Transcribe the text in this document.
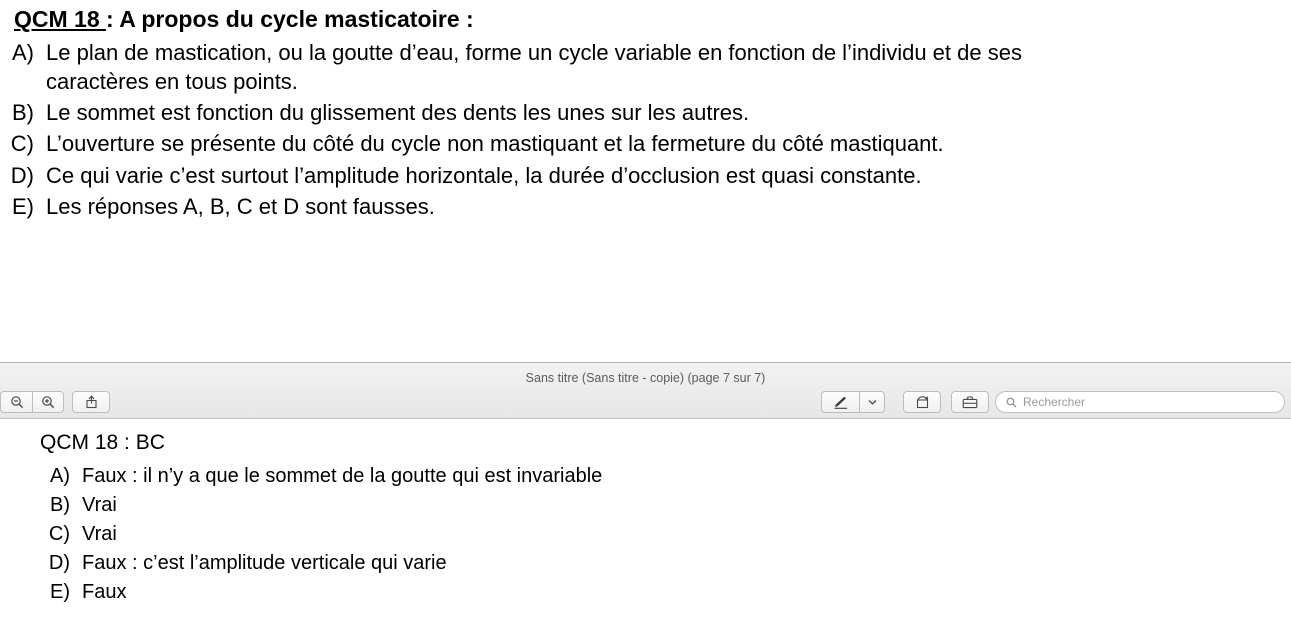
QCM 18 : A propos du cycle masticatoire :
A) Le plan de mastication, ou la goutte d’eau, forme un cycle variable en fonction de l’individu et de ses caractères en tous points.
B) Le sommet est fonction du glissement des dents les unes sur les autres.
C) L’ouverture se présente du côté du cycle non mastiquant et la fermeture du côté mastiquant.
D) Ce qui varie c’est surtout l’amplitude horizontale, la durée d’occlusion est quasi constante.
E) Les réponses A, B, C et D sont fausses.
Sans titre (Sans titre - copie) (page 7 sur 7)
Rechercher
QCM 18 : BC
A) Faux : il n’y a que le sommet de la goutte qui est invariable
B) Vrai
C) Vrai
D) Faux : c’est l’amplitude verticale qui varie
E) Faux
